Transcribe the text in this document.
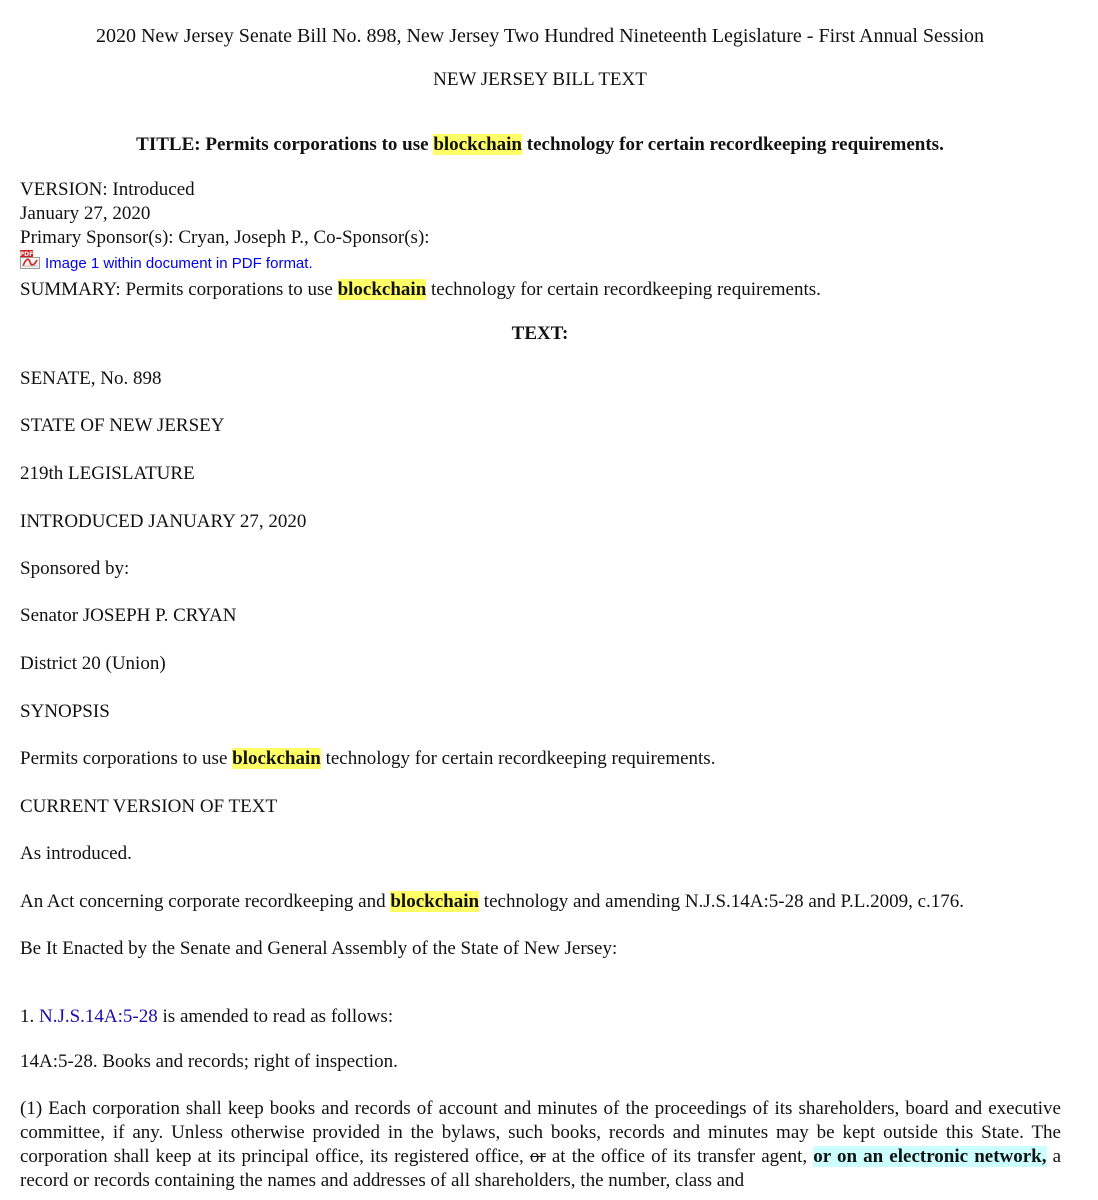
2020 New Jersey Senate Bill No. 898, New Jersey Two Hundred Nineteenth Legislature - First Annual Session
NEW JERSEY BILL TEXT
TITLE: Permits corporations to use blockchain technology for certain recordkeeping requirements.
VERSION: Introduced
January 27, 2020
Primary Sponsor(s): Cryan, Joseph P., Co-Sponsor(s):
PDF
Image 1 within document in PDF format.
SUMMARY: Permits corporations to use blockchain technology for certain recordkeeping requirements.
TEXT:
SENATE, No. 898
STATE OF NEW JERSEY
219th LEGISLATURE
INTRODUCED JANUARY 27, 2020
Sponsored by:
Senator JOSEPH P. CRYAN
District 20 (Union)
SYNOPSIS
Permits corporations to use blockchain technology for certain recordkeeping requirements.
CURRENT VERSION OF TEXT
As introduced.
An Act concerning corporate recordkeeping and blockchain technology and amending N.J.S.14A:5-28 and P.L.2009, c.176.
Be It Enacted by the Senate and General Assembly of the State of New Jersey:
1. N.J.S.14A:5-28 is amended to read as follows:
14A:5-28. Books and records; right of inspection.
(1) Each corporation shall keep books and records of account and minutes of the proceedings of its shareholders, board and executive committee, if any. Unless otherwise provided in the bylaws, such books, records and minutes may be kept outside this State. The corporation shall keep at its principal office, its registered office, or at the office of its transfer agent, or on an electronic network, a record or records containing the names and addresses of all shareholders, the number, class and
